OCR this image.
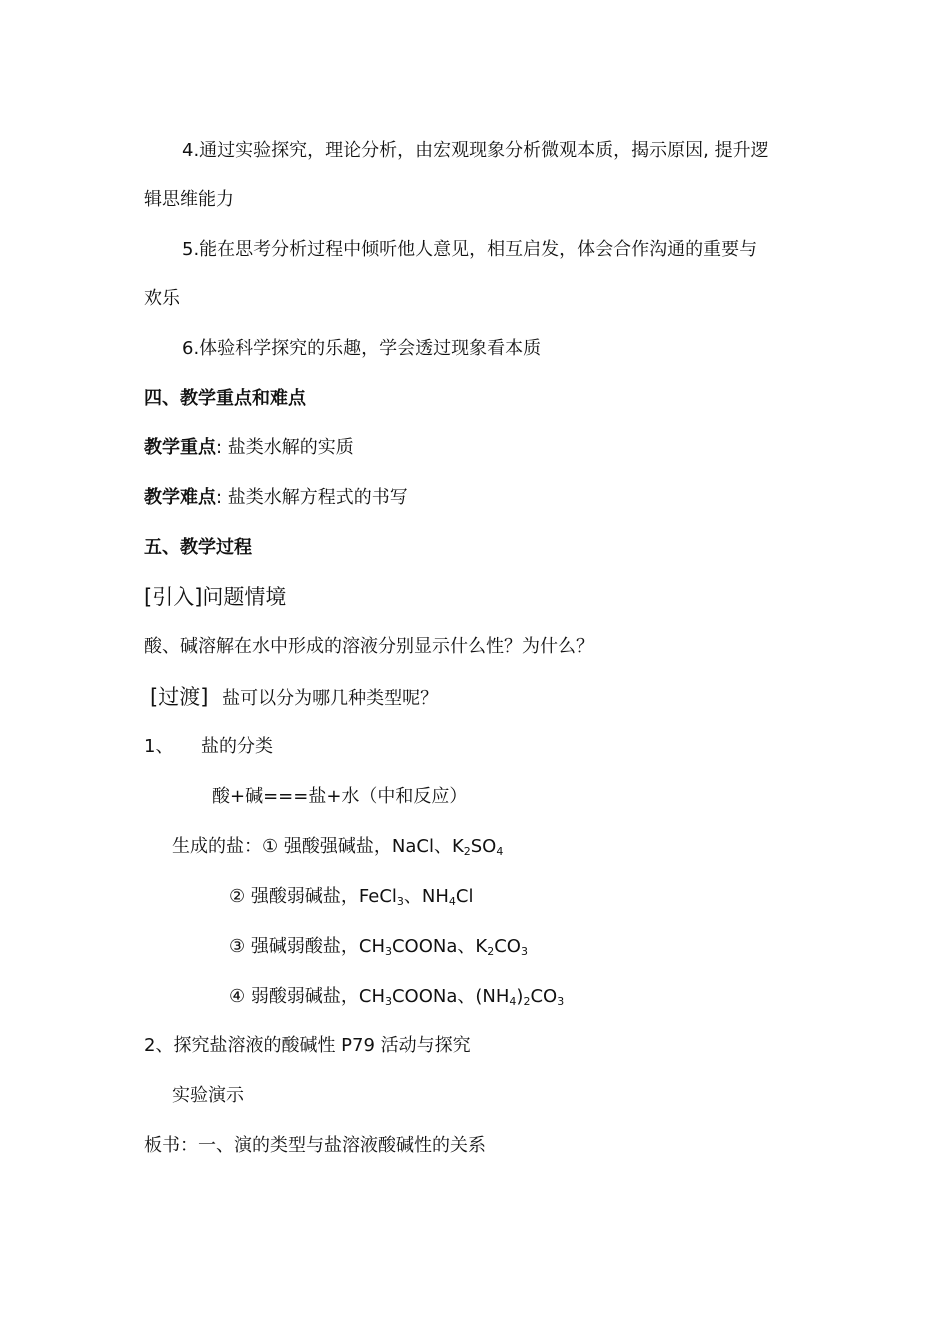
4.通过实验探究，理论分析，由宏观现象分析微观本质，揭示原因, 提升逻
辑思维能力
5.能在思考分析过程中倾听他人意见，相互启发，体会合作沟通的重要与
欢乐
6.体验科学探究的乐趣，学会透过现象看本质
四、教学重点和难点
教学重点: 盐类水解的实质
教学难点: 盐类水解方程式的书写
五、教学过程
[引入]问题情境
酸、碱溶解在水中形成的溶液分别显示什么性？为什么？
[过渡] 盐可以分为哪几种类型呢？
1、 盐的分类
酸+碱===盐+水（中和反应）
生成的盐：① 强酸强碱盐，NaCl、$K_2SO_4$
② 强酸弱碱盐，FeCl$_3$、$NH_4Cl$
③ 强碱弱酸盐，$CH_3COONa$、$K_2CO_3$
④ 弱酸弱碱盐，$CH_3COONa$、$(NH_4)_2CO_3$
2、探究盐溶液的酸碱性 P79 活动与探究
实验演示
板书：一、演的类型与盐溶液酸碱性的关系
